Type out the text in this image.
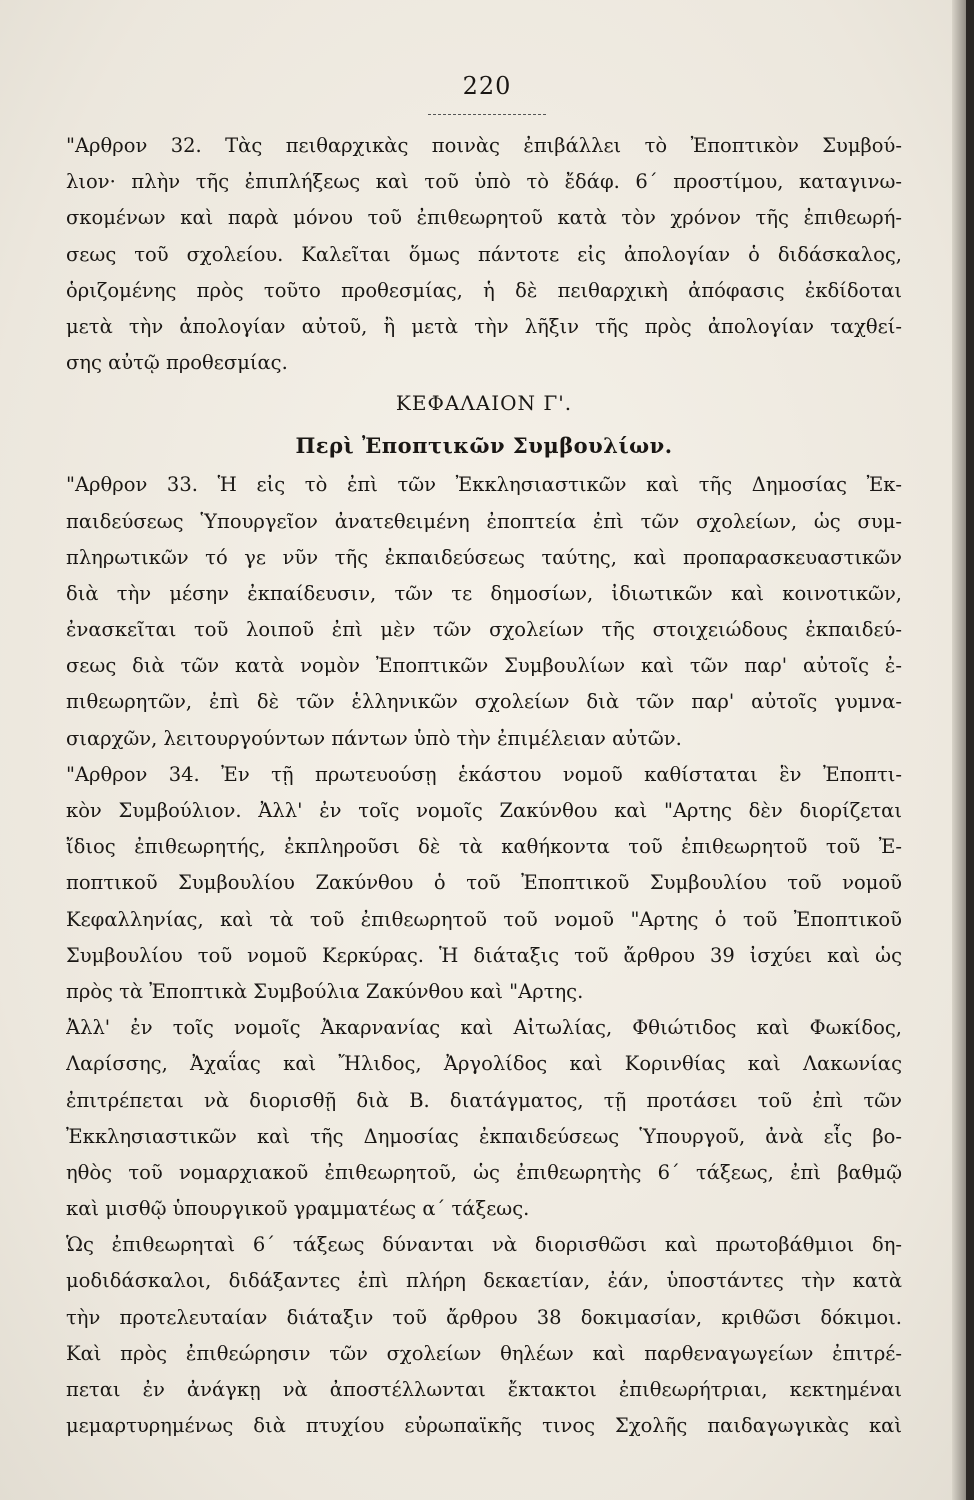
220
"Αρθρον 32. Τὰς πειθαρχικὰς ποινὰς ἐπιβάλλει τὸ Ἐποπτικὸν Συμβού-
λιον· πλὴν τῆς ἐπιπλήξεως καὶ τοῦ ὑπὸ τὸ ἔδάφ. 6΄ προστίμου, καταγινω-
σκομένων καὶ παρὰ μόνου τοῦ ἐπιθεωρητοῦ κατὰ τὸν χρόνον τῆς ἐπιθεωρή-
σεως τοῦ σχολείου. Καλεῖται ὅμως πάντοτε εἰς ἀπολογίαν ὁ διδάσκαλος,
ὁριζομένης πρὸς τοῦτο προθεσμίας, ἡ δὲ πειθαρχικὴ ἀπόφασις ἐκδίδοται
μετὰ τὴν ἀπολογίαν αὐτοῦ, ἢ μετὰ τὴν λῆξιν τῆς πρὸς ἀπολογίαν ταχθεί-
σης αὐτῷ προθεσμίας.
ΚΕΦΑΛΑΙΟΝ Γ'.
Περὶ Ἐποπτικῶν Συμβουλίων.
"Αρθρον 33. Ἡ εἰς τὸ ἐπὶ τῶν Ἐκκλησιαστικῶν καὶ τῆς Δημοσίας Ἐκ-
παιδεύσεως Ὑπουργεῖον ἀνατεθειμένη ἐποπτεία ἐπὶ τῶν σχολείων, ὡς συμ-
πληρωτικῶν τό γε νῦν τῆς ἐκπαιδεύσεως ταύτης, καὶ προπαρασκευαστικῶν
διὰ τὴν μέσην ἐκπαίδευσιν, τῶν τε δημοσίων, ἰδιωτικῶν καὶ κοινοτικῶν,
ἐνασκεῖται τοῦ λοιποῦ ἐπὶ μὲν τῶν σχολείων τῆς στοιχειώδους ἐκπαιδεύ-
σεως διὰ τῶν κατὰ νομὸν Ἐποπτικῶν Συμβουλίων καὶ τῶν παρ' αὐτοῖς ἐ-
πιθεωρητῶν, ἐπὶ δὲ τῶν ἑλληνικῶν σχολείων διὰ τῶν παρ' αὐτοῖς γυμνα-
σιαρχῶν, λειτουργούντων πάντων ὑπὸ τὴν ἐπιμέλειαν αὐτῶν.
"Αρθρον 34. Ἐν τῇ πρωτευούσῃ ἑκάστου νομοῦ καθίσταται ἓν Ἐποπτι-
κὸν Συμβούλιον. Ἀλλ' ἐν τοῖς νομοῖς Ζακύνθου καὶ "Αρτης δὲν διορίζεται
ἴδιος ἐπιθεωρητής, ἐκπληροῦσι δὲ τὰ καθήκοντα τοῦ ἐπιθεωρητοῦ τοῦ Ἐ-
ποπτικοῦ Συμβουλίου Ζακύνθου ὁ τοῦ Ἐποπτικοῦ Συμβουλίου τοῦ νομοῦ
Κεφαλληνίας, καὶ τὰ τοῦ ἐπιθεωρητοῦ τοῦ νομοῦ "Αρτης ὁ τοῦ Ἐποπτικοῦ
Συμβουλίου τοῦ νομοῦ Κερκύρας. Ἡ διάταξις τοῦ ἄρθρου 39 ἰσχύει καὶ ὡς
πρὸς τὰ Ἐποπτικὰ Συμβούλια Ζακύνθου καὶ "Αρτης.
Ἀλλ' ἐν τοῖς νομοῖς Ἀκαρνανίας καὶ Αἰτωλίας, Φθιώτιδος καὶ Φωκίδος,
Λαρίσσης, Ἀχαΐας καὶ Ἤλιδος, Ἀργολίδος καὶ Κορινθίας καὶ Λακωνίας
ἐπιτρέπεται νὰ διορισθῇ διὰ Β. διατάγματος, τῇ προτάσει τοῦ ἐπὶ τῶν
Ἐκκλησιαστικῶν καὶ τῆς Δημοσίας ἐκπαιδεύσεως Ὑπουργοῦ, ἀνὰ εἷς βο-
ηθὸς τοῦ νομαρχιακοῦ ἐπιθεωρητοῦ, ὡς ἐπιθεωρητὴς 6΄ τάξεως, ἐπὶ βαθμῷ
καὶ μισθῷ ὑπουργικοῦ γραμματέως α΄ τάξεως.
Ὡς ἐπιθεωρηταὶ 6΄ τάξεως δύνανται νὰ διορισθῶσι καὶ πρωτοβάθμιοι δη-
μοδιδάσκαλοι, διδάξαντες ἐπὶ πλήρη δεκαετίαν, ἐάν, ὑποστάντες τὴν κατὰ
τὴν προτελευταίαν διάταξιν τοῦ ἄρθρου 38 δοκιμασίαν, κριθῶσι δόκιμοι.
Καὶ πρὸς ἐπιθεώρησιν τῶν σχολείων θηλέων καὶ παρθεναγωγείων ἐπιτρέ-
πεται ἐν ἀνάγκῃ νὰ ἀποστέλλωνται ἔκτακτοι ἐπιθεωρήτριαι, κεκτημέναι
μεμαρτυρημένως διὰ πτυχίου εὐρωπαϊκῆς τινος Σχολῆς παιδαγωγικὰς καὶ
